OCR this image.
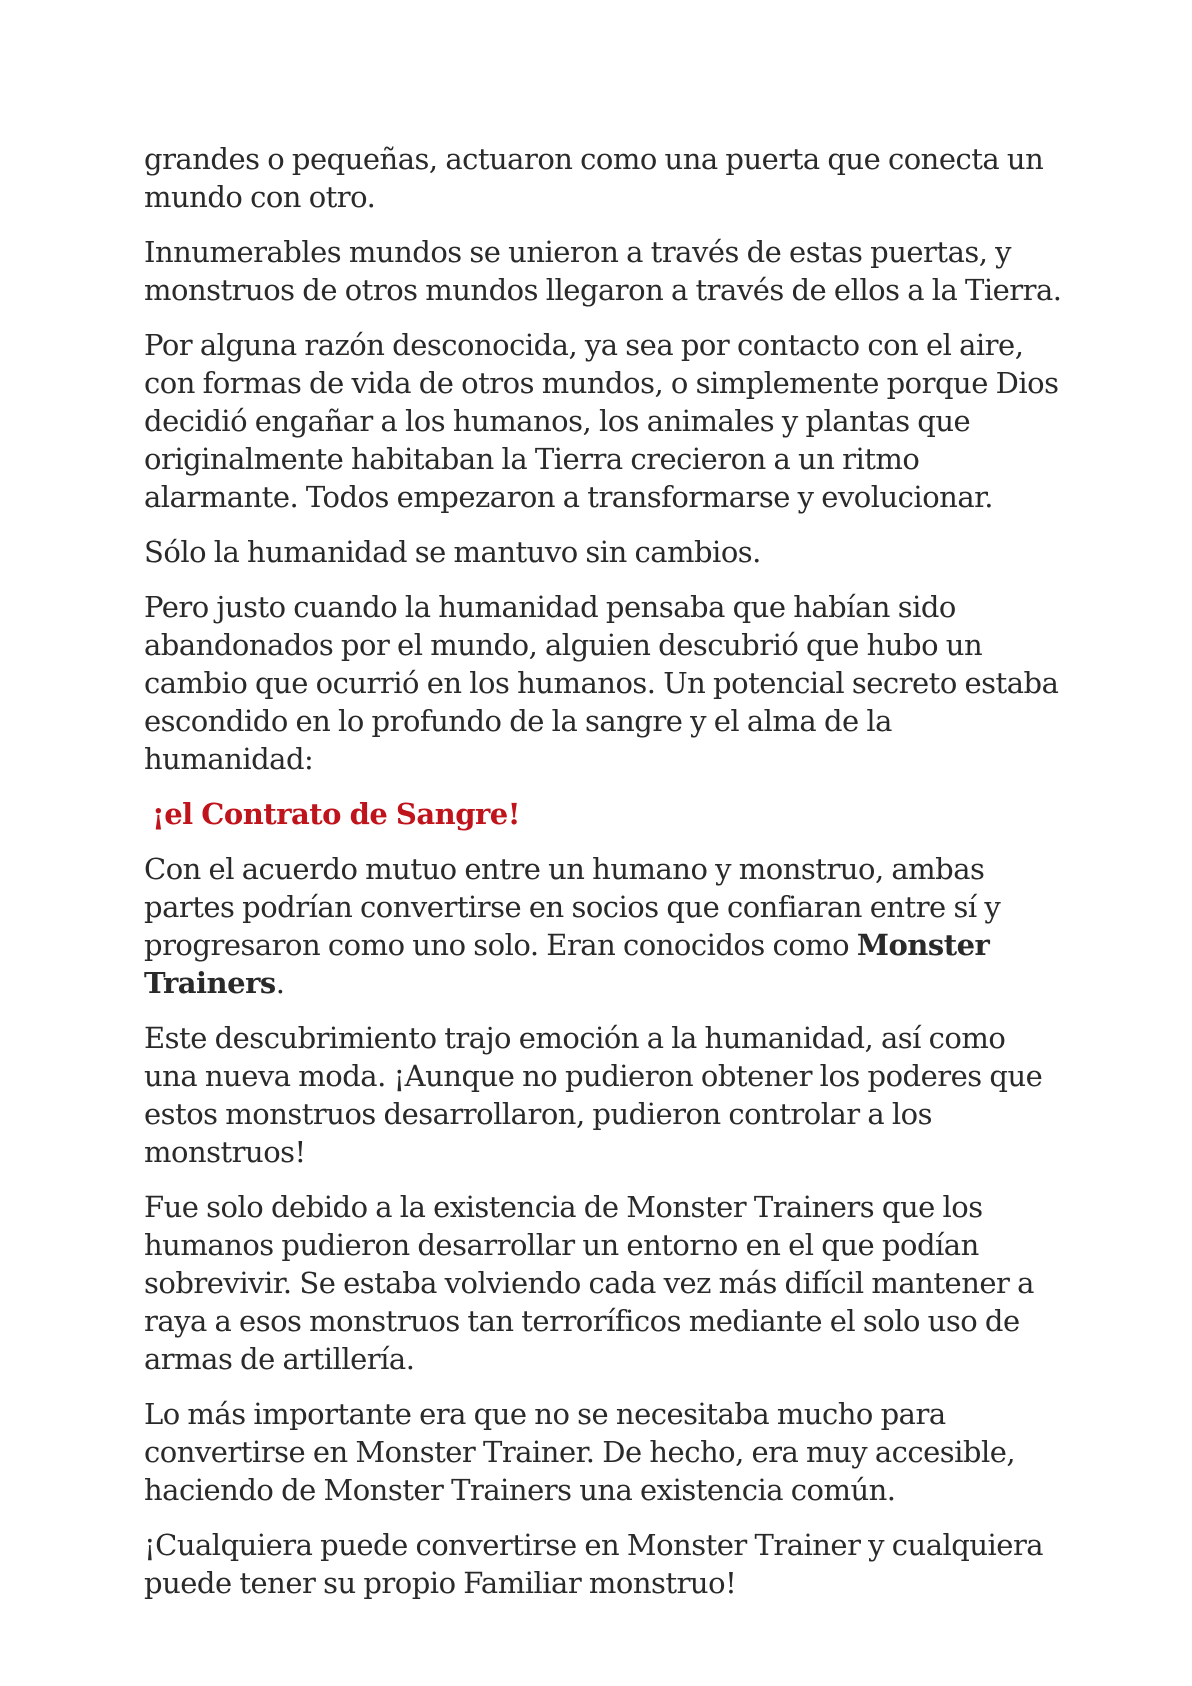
grandes o pequeñas, actuaron como una puerta que conecta un mundo con otro.

Innumerables mundos se unieron a través de estas puertas, y monstruos de otros mundos llegaron a través de ellos a la Tierra.

Por alguna razón desconocida, ya sea por contacto con el aire, con formas de vida de otros mundos, o simplemente porque Dios decidió engañar a los humanos, los animales y plantas que originalmente habitaban la Tierra crecieron a un ritmo alarmante. Todos empezaron a transformarse y evolucionar.

Sólo la humanidad se mantuvo sin cambios.

Pero justo cuando la humanidad pensaba que habían sido abandonados por el mundo, alguien descubrió que hubo un cambio que ocurrió en los humanos. Un potencial secreto estaba escondido en lo profundo de la sangre y el alma de la humanidad:

¡el Contrato de Sangre!

Con el acuerdo mutuo entre un humano y monstruo, ambas partes podrían convertirse en socios que confiaran entre sí y progresaron como uno solo. Eran conocidos como Monster Trainers.

Este descubrimiento trajo emoción a la humanidad, así como una nueva moda. ¡Aunque no pudieron obtener los poderes que estos monstruos desarrollaron, pudieron controlar a los monstruos!

Fue solo debido a la existencia de Monster Trainers que los humanos pudieron desarrollar un entorno en el que podían sobrevivir. Se estaba volviendo cada vez más difícil mantener a raya a esos monstruos tan terroríficos mediante el solo uso de armas de artillería.

Lo más importante era que no se necesitaba mucho para convertirse en Monster Trainer. De hecho, era muy accesible, haciendo de Monster Trainers una existencia común.

¡Cualquiera puede convertirse en Monster Trainer y cualquiera puede tener su propio Familiar monstruo!
